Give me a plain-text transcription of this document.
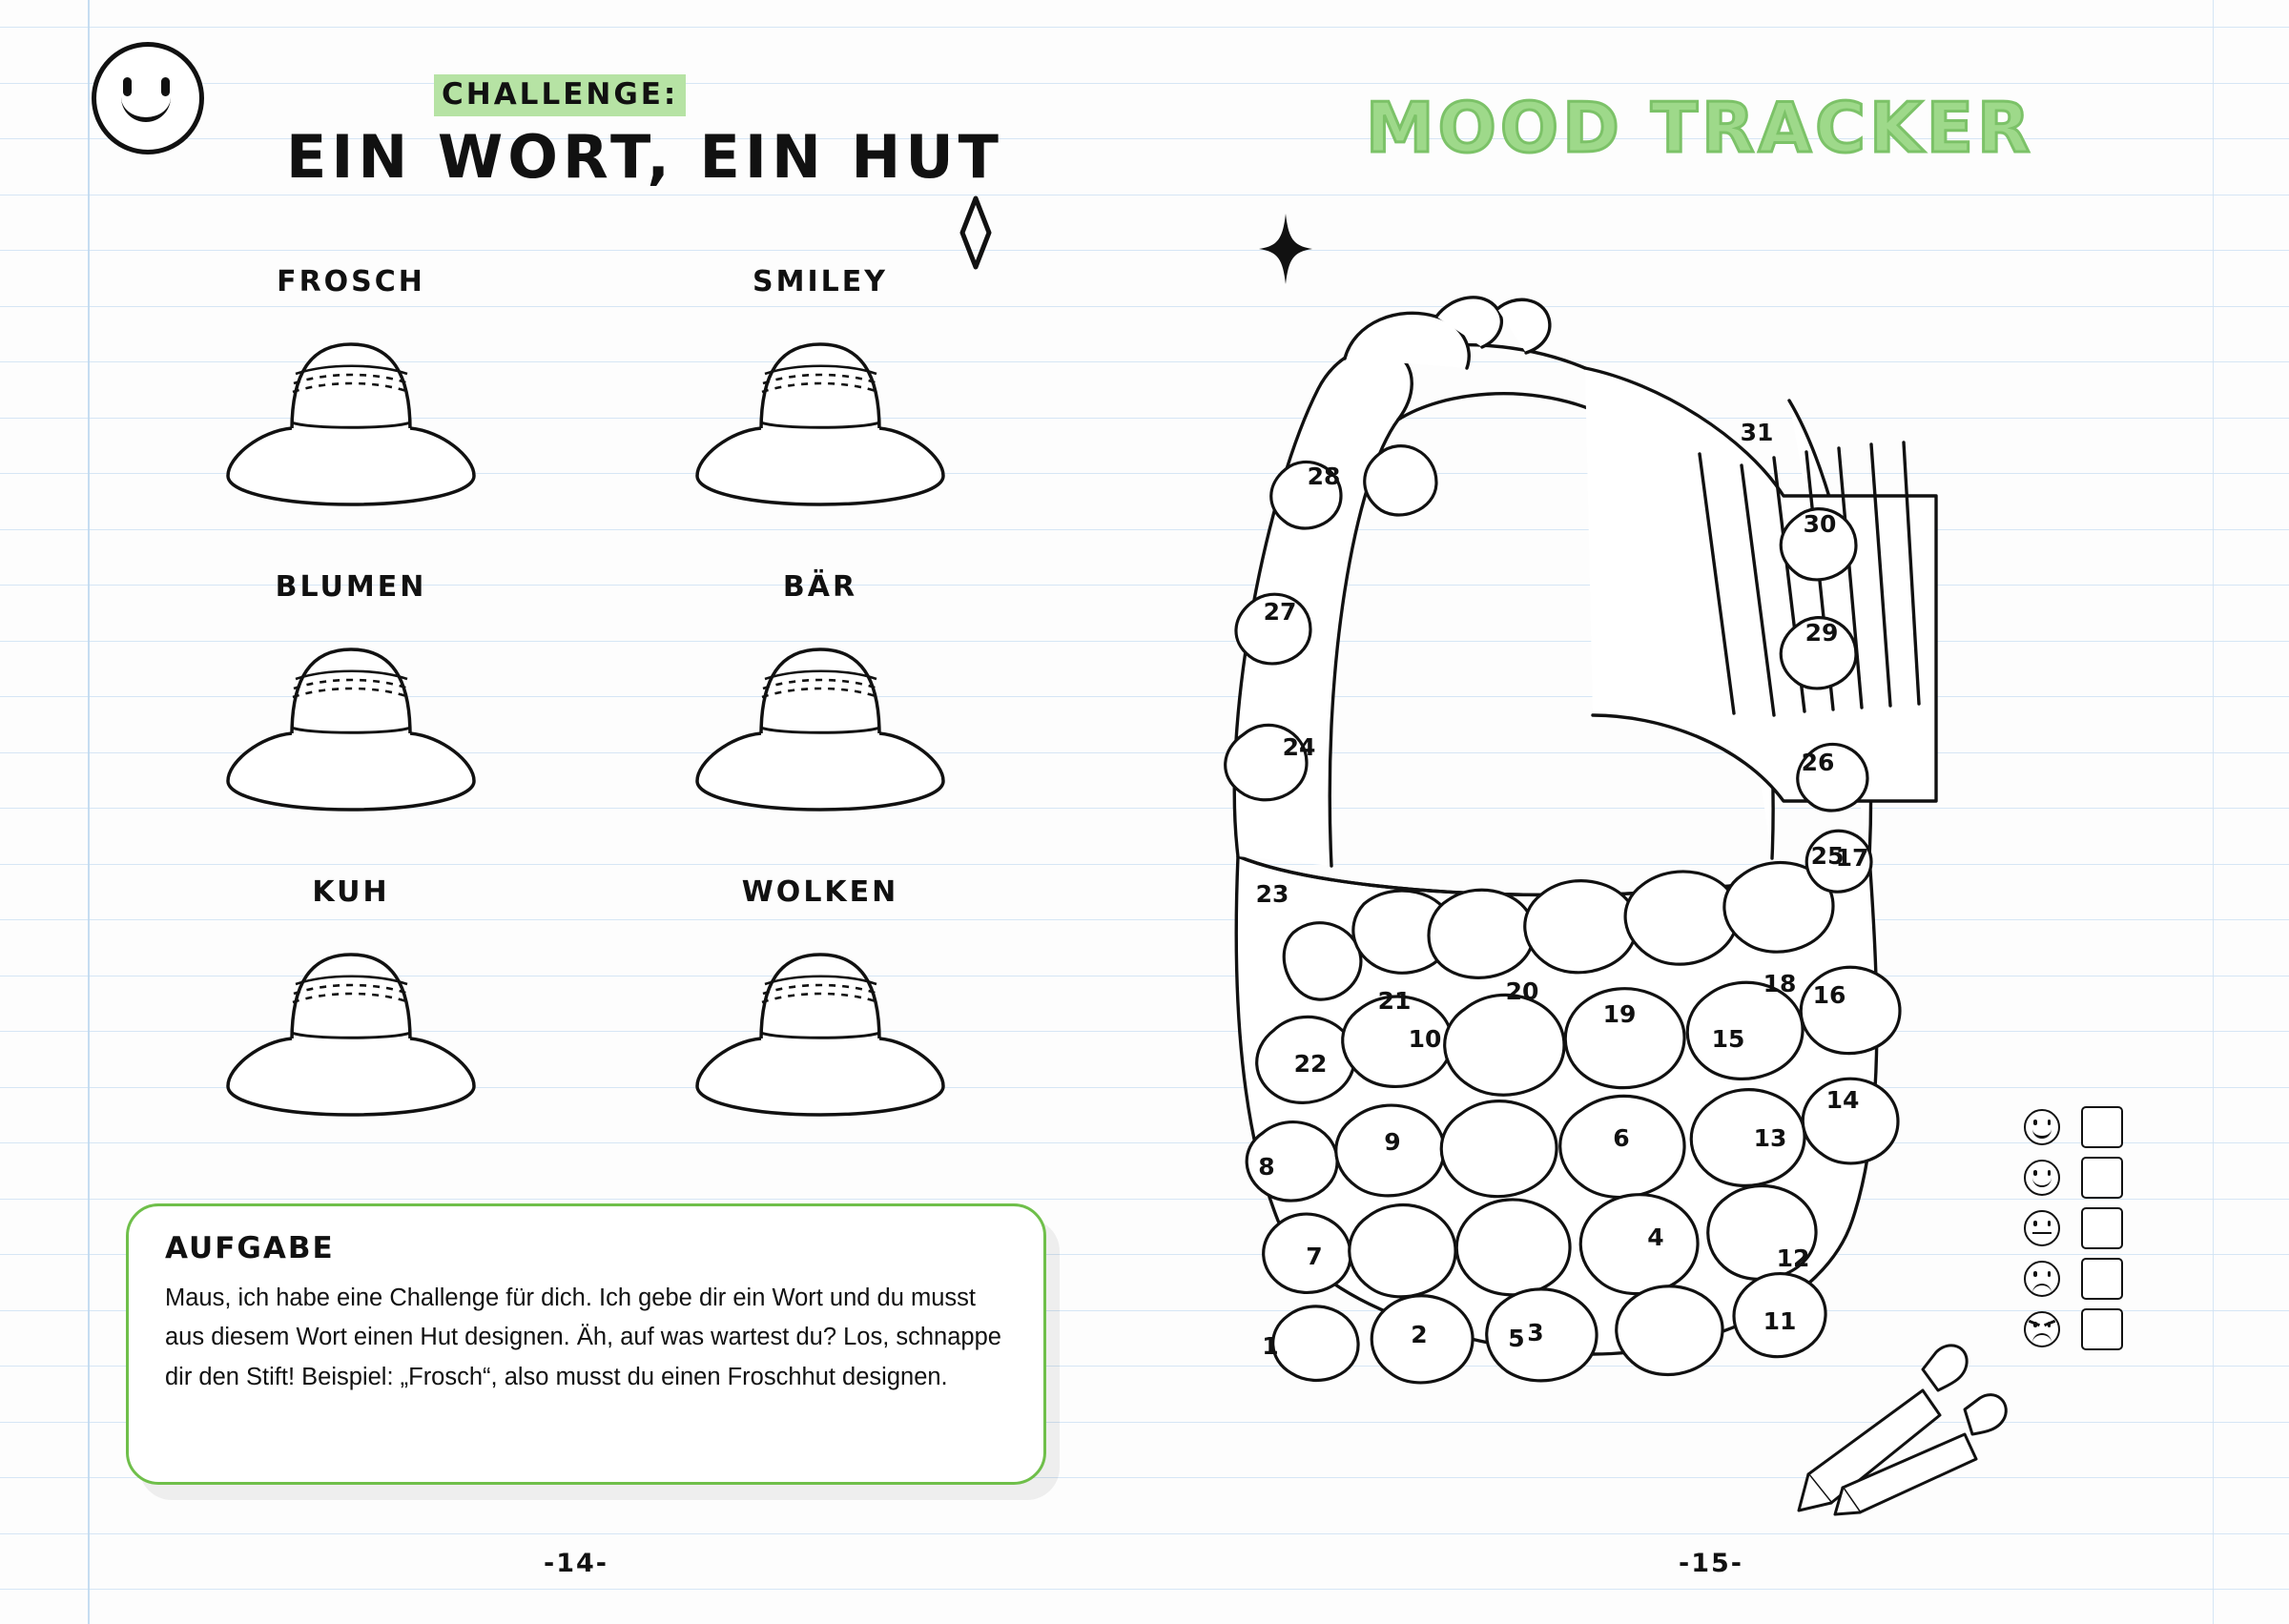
CHALLENGE:
EIN WORT, EIN HUT
FROSCH	SMILEY
BLUMEN	BÄR
KUH	WOLKEN
AUFGABE

Maus, ich habe eine Challenge für dich. Ich gebe dir ein Wort und du musst aus diesem Wort einen Hut designen. Äh, auf was wartest du? Los, schnappe dir den Stift! Beispiel: „Frosch“, also musst du einen Froschhut designen.

-14-
MOOD TRACKER
1	2	3
4
5
6
7
8
9
10
11
12
13
14
15
16
17
18
19
20
21
22
23
24
25
26
27
28
29
30
31
-15-
